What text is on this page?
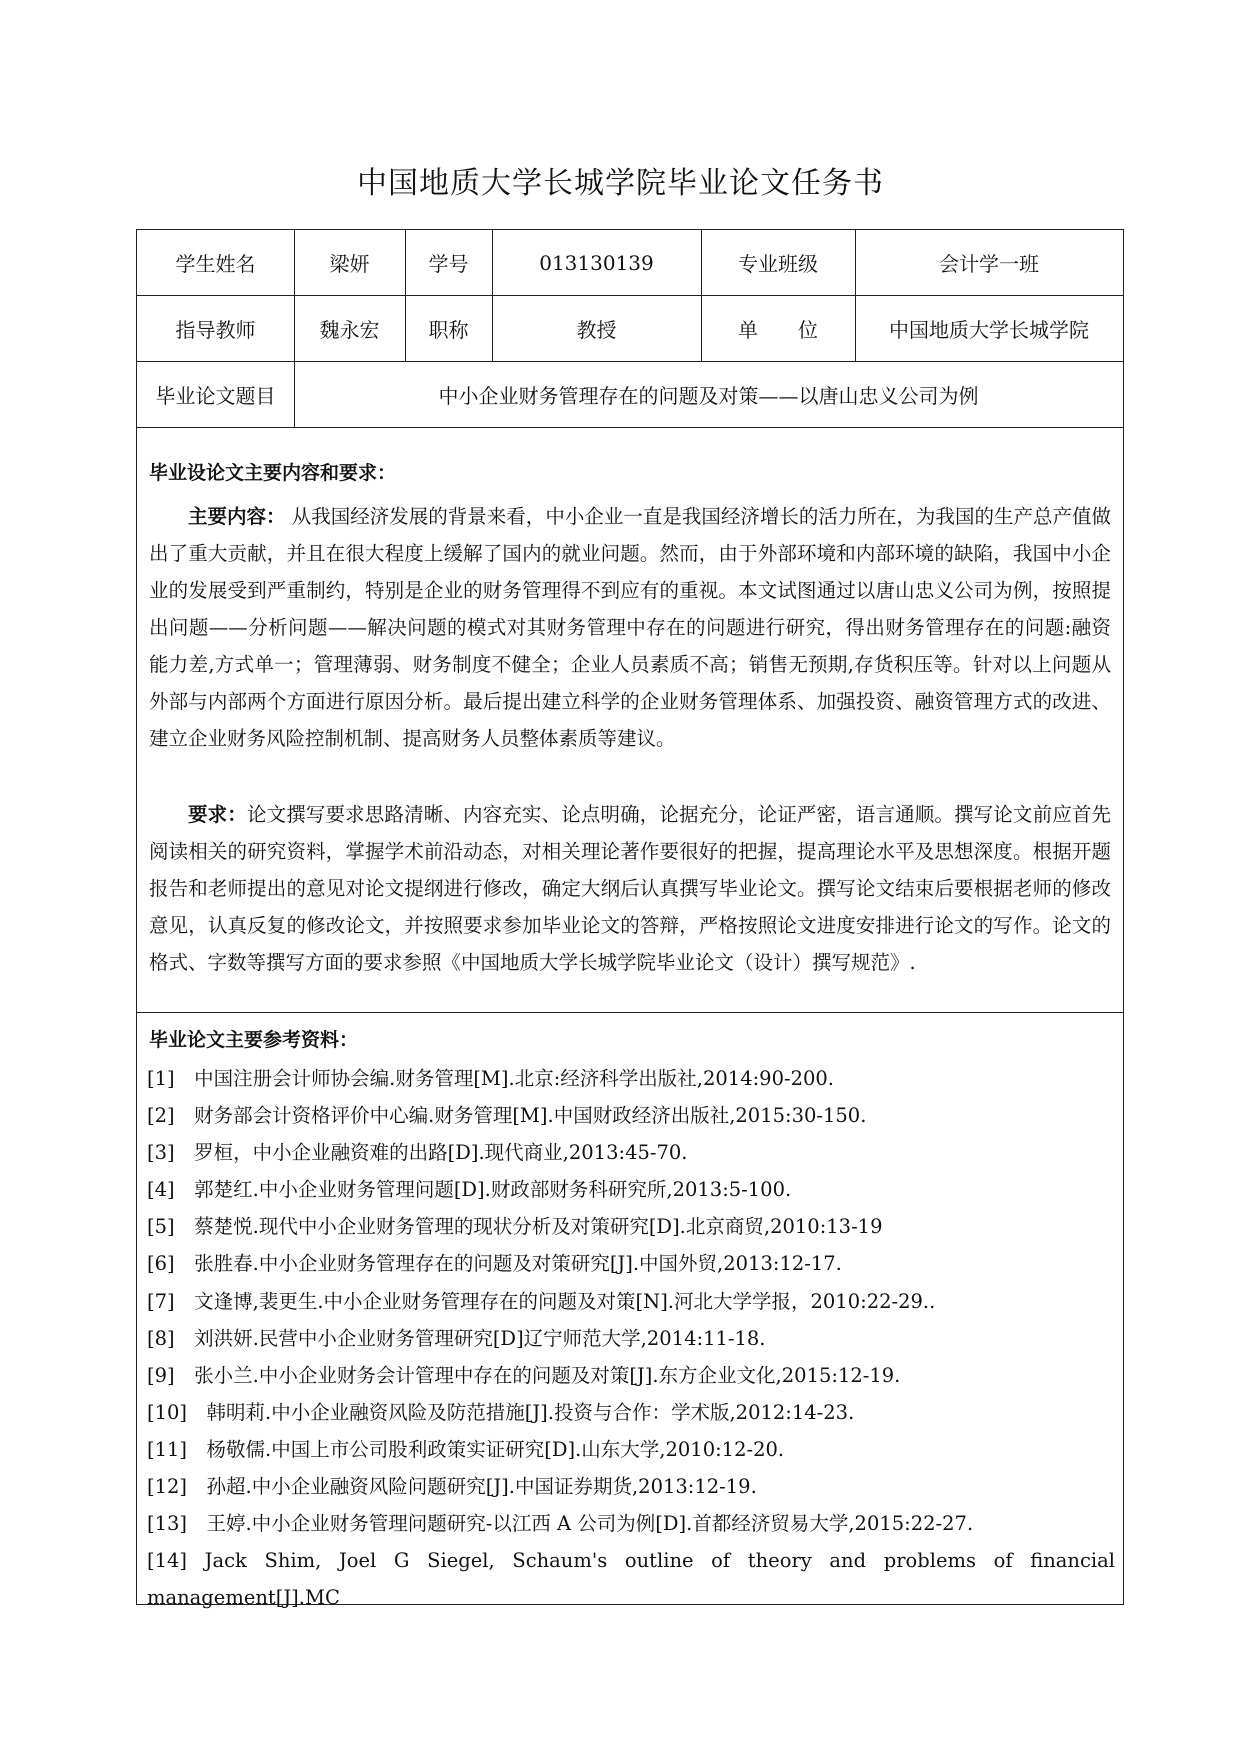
中国地质大学长城学院毕业论文任务书
学生姓名	梁妍	学号	013130139	专业班级	会计学一班
指导教师	魏永宏	职称	教授	单　　位	中国地质大学长城学院
毕业论文题目	中小企业财务管理存在的问题及对策——以唐山忠义公司为例
毕业设论文主要内容和要求：

主要内容： 从我国经济发展的背景来看，中小企业一直是我国经济增长的活力所在，为我国的生产总产值做出了重大贡献，并且在很大程度上缓解了国内的就业问题。然而，由于外部环境和内部环境的缺陷，我国中小企业的发展受到严重制约，特别是企业的财务管理得不到应有的重视。本文试图通过以唐山忠义公司为例，按照提出问题——分析问题——解决问题的模式对其财务管理中存在的问题进行研究，得出财务管理存在的问题:融资能力差,方式单一；管理薄弱、财务制度不健全；企业人员素质不高；销售无预期,存货积压等。针对以上问题从外部与内部两个方面进行原因分析。最后提出建立科学的企业财务管理体系、加强投资、融资管理方式的改进、建立企业财务风险控制机制、提高财务人员整体素质等建议。

要求：论文撰写要求思路清晰、内容充实、论点明确，论据充分，论证严密，语言通顺。撰写论文前应首先阅读相关的研究资料，掌握学术前沿动态，对相关理论著作要很好的把握，提高理论水平及思想深度。根据开题报告和老师提出的意见对论文提纲进行修改，确定大纲后认真撰写毕业论文。撰写论文结束后要根据老师的修改意见，认真反复的修改论文，并按照要求参加毕业论文的答辩，严格按照论文进度安排进行论文的写作。论文的格式、字数等撰写方面的要求参照《中国地质大学长城学院毕业论文（设计）撰写规范》.

毕业论文主要参考资料：
[1]　中国注册会计师协会编.财务管理[M].北京:经济科学出版社,2014:90-200.
[2]　财务部会计资格评价中心编.财务管理[M].中国财政经济出版社,2015:30-150.
[3]　罗桓，中小企业融资难的出路[D].现代商业,2013:45-70.
[4]　郭楚红.中小企业财务管理问题[D].财政部财务科研究所,2013:5-100.
[5]　蔡楚悦.现代中小企业财务管理的现状分析及对策研究[D].北京商贸,2010:13-19
[6]　张胜春.中小企业财务管理存在的问题及对策研究[J].中国外贸,2013:12-17.
[7]　文逢博,裴更生.中小企业财务管理存在的问题及对策[N].河北大学学报，2010:22-29..
[8]　刘洪妍.民营中小企业财务管理研究[D]辽宁师范大学,2014:11-18.
[9]　张小兰.中小企业财务会计管理中存在的问题及对策[J].东方企业文化,2015:12-19.
[10]　韩明莉.中小企业融资风险及防范措施[J].投资与合作：学术版,2012:14-23.
[11]　杨敬儒.中国上市公司股利政策实证研究[D].山东大学,2010:12-20.
[12]　孙超.中小企业融资风险问题研究[J].中国证券期货,2013:12-19.
[13]　王婷.中小企业财务管理问题研究-以江西 A 公司为例[D].首都经济贸易大学,2015:22-27.
[14] Jack Shim, Joel G Siegel, Schaum's outline of theory and problems of financial management[J].MC
